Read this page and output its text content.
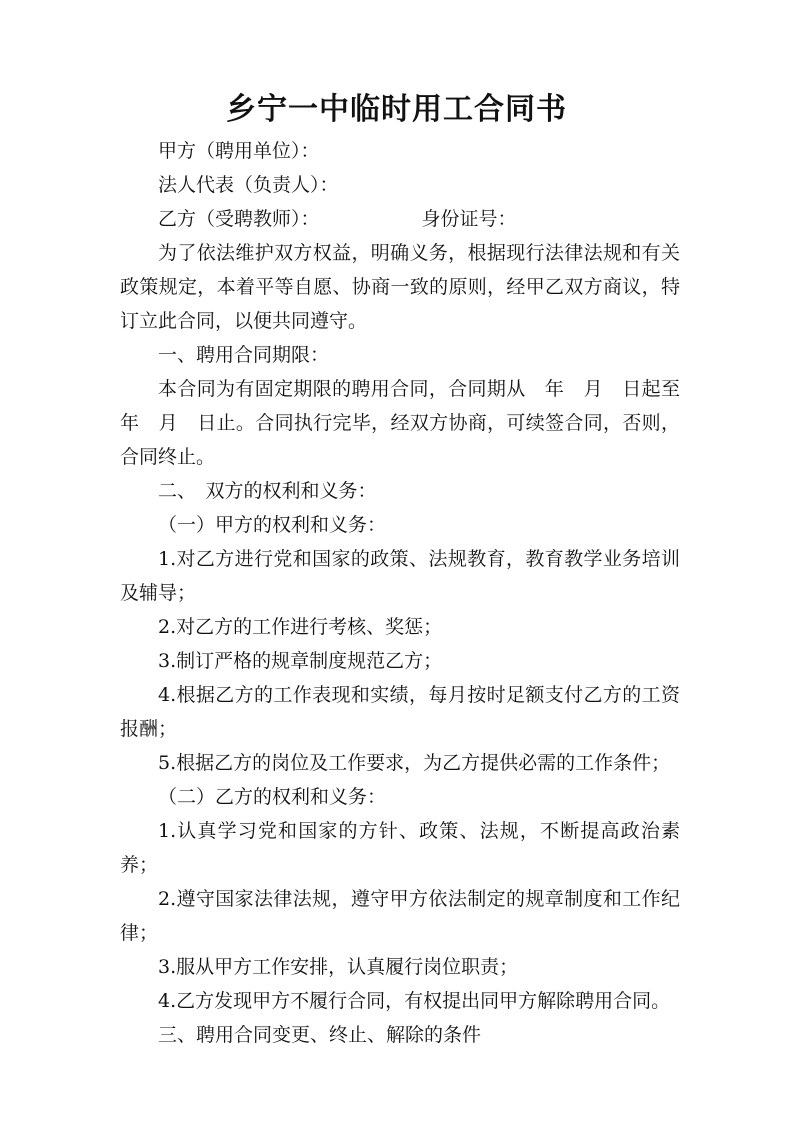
乡宁一中临时用工合同书

甲方（聘用单位）：

法人代表（负责人）：

乙方（受聘教师）：	身份证号：

为了依法维护双方权益，明确义务，根据现行法律法规和有关政策规定，本着平等自愿、协商一致的原则，经甲乙双方商议，特订立此合同，以便共同遵守。

一、聘用合同期限：

本合同为有固定期限的聘用合同，合同期从　年　月　日起至　年　月　日止。合同执行完毕，经双方协商，可续签合同，否则，合同终止。

二、　双方的权利和义务：

（一）甲方的权利和义务：

1.对乙方进行党和国家的政策、法规教育，教育教学业务培训及辅导；

2.对乙方的工作进行考核、奖惩；

3.制订严格的规章制度规范乙方；

4.根据乙方的工作表现和实绩，每月按时足额支付乙方的工资报酬；

5.根据乙方的岗位及工作要求，为乙方提供必需的工作条件；

（二）乙方的权利和义务：

1.认真学习党和国家的方针、政策、法规，不断提高政治素养；

2.遵守国家法律法规，遵守甲方依法制定的规章制度和工作纪律；

3.服从甲方工作安排，认真履行岗位职责；

4.乙方发现甲方不履行合同，有权提出同甲方解除聘用合同。

三、聘用合同变更、终止、解除的条件
